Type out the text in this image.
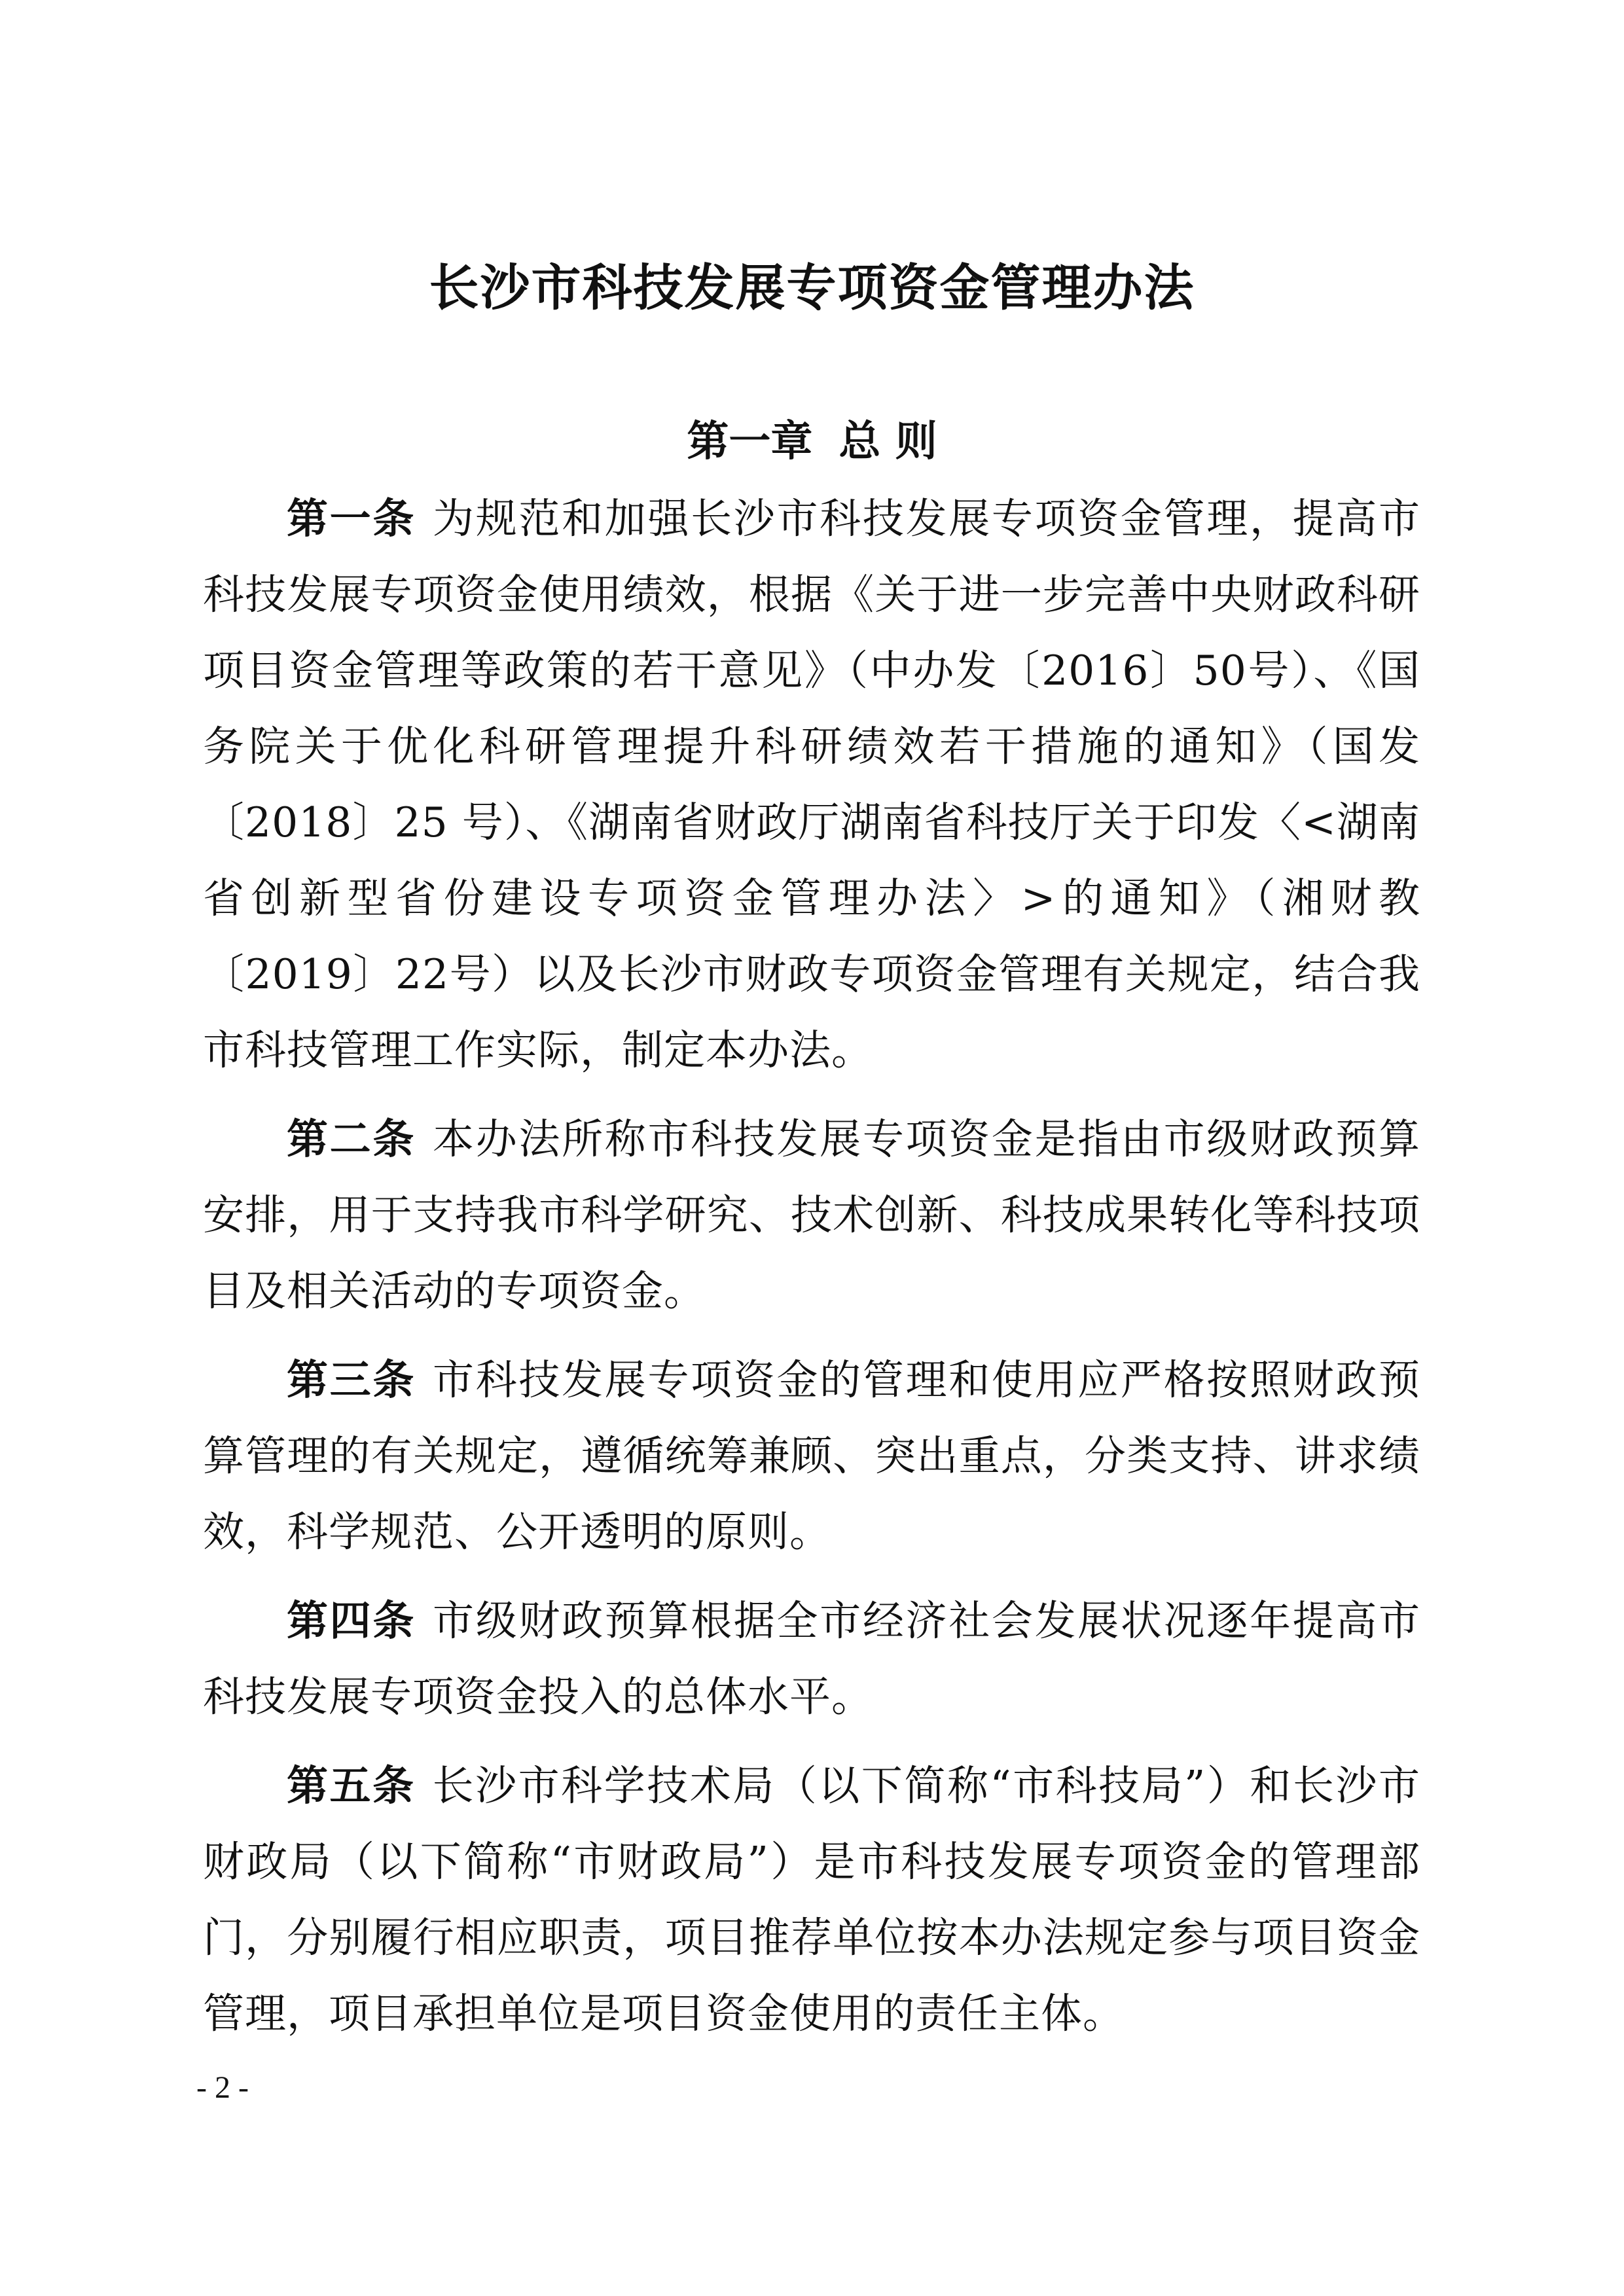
长沙市科技发展专项资金管理办法
第一章 总 则

第一条 为规范和加强长沙市科技发展专项资金管理，提高市科技发展专项资金使用绩效，根据《关于进一步完善中央财政科研项目资金管理等政策的若干意见》（中办发〔2016〕50号）、《国务院关于优化科研管理提升科研绩效若干措施的通知》（国发〔2018〕25 号）、《湖南省财政厅湖南省科技厅关于印发〈<湖南省创新型省份建设专项资金管理办法〉>的通知》（湘财教〔2019〕22号）以及长沙市财政专项资金管理有关规定，结合我市科技管理工作实际，制定本办法。

第二条 本办法所称市科技发展专项资金是指由市级财政预算安排，用于支持我市科学研究、技术创新、科技成果转化等科技项目及相关活动的专项资金。

第三条 市科技发展专项资金的管理和使用应严格按照财政预算管理的有关规定，遵循统筹兼顾、突出重点，分类支持、讲求绩效，科学规范、公开透明的原则。

第四条 市级财政预算根据全市经济社会发展状况逐年提高市科技发展专项资金投入的总体水平。

第五条 长沙市科学技术局（以下简称“市科技局”）和长沙市财政局（以下简称“市财政局”）是市科技发展专项资金的管理部门，分别履行相应职责，项目推荐单位按本办法规定参与项目资金管理，项目承担单位是项目资金使用的责任主体。

- 2 -
